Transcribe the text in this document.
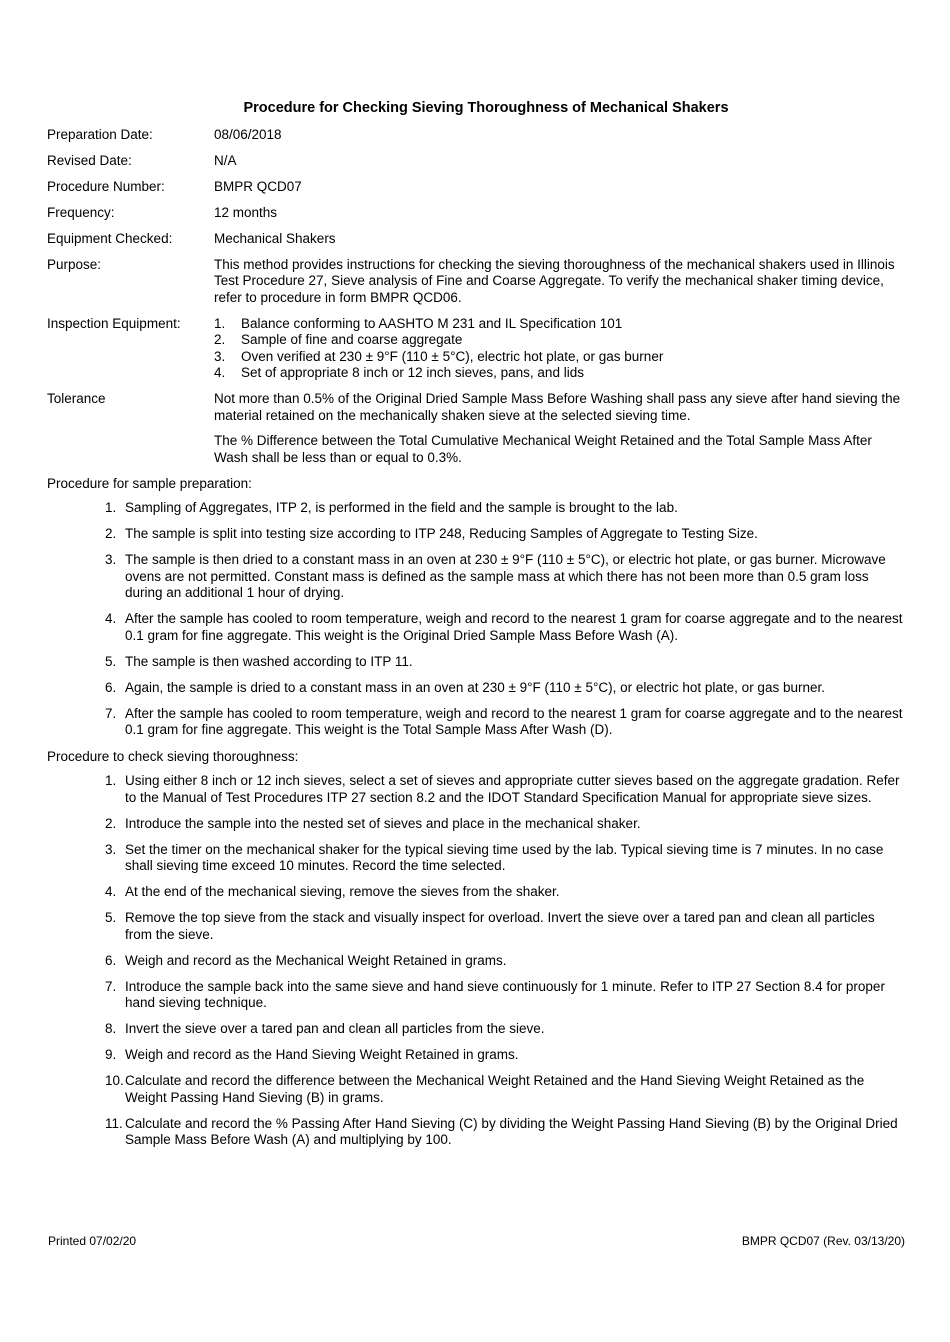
Procedure for Checking Sieving Thoroughness of Mechanical Shakers
Preparation Date:	08/06/2018
Revised Date:	N/A
Procedure Number:	BMPR QCD07
Frequency:	12 months
Equipment Checked:	Mechanical Shakers
Purpose:	This method provides instructions for checking the sieving thoroughness of the mechanical shakers used in Illinois Test Procedure 27, Sieve analysis of Fine and Coarse Aggregate. To verify the mechanical shaker timing device, refer to procedure in form BMPR QCD06.
Inspection Equipment:	1.	Balance conforming to AASHTO M 231 and IL Specification 101
2.	Sample of fine and coarse aggregate
3.	Oven verified at 230 ± 9°F (110 ± 5°C), electric hot plate, or gas burner
4.	Set of appropriate 8 inch or 12 inch sieves, pans, and lids
Tolerance	Not more than 0.5% of the Original Dried Sample Mass Before Washing shall pass any sieve after hand sieving the material retained on the mechanically shaken sieve at the selected sieving time.

The % Difference between the Total Cumulative Mechanical Weight Retained and the Total Sample Mass After Wash shall be less than or equal to 0.3%.

Procedure for sample preparation:

1. Sampling of Aggregates, ITP 2, is performed in the field and the sample is brought to the lab.
2. The sample is split into testing size according to ITP 248, Reducing Samples of Aggregate to Testing Size.
3. The sample is then dried to a constant mass in an oven at 230 ± 9°F (110 ± 5°C), or electric hot plate, or gas burner. Microwave ovens are not permitted. Constant mass is defined as the sample mass at which there has not been more than 0.5 gram loss during an additional 1 hour of drying.
4. After the sample has cooled to room temperature, weigh and record to the nearest 1 gram for coarse aggregate and to the nearest 0.1 gram for fine aggregate. This weight is the Original Dried Sample Mass Before Wash (A).
5. The sample is then washed according to ITP 11.
6. Again, the sample is dried to a constant mass in an oven at 230 ± 9°F (110 ± 5°C), or electric hot plate, or gas burner.
7. After the sample has cooled to room temperature, weigh and record to the nearest 1 gram for coarse aggregate and to the nearest 0.1 gram for fine aggregate. This weight is the Total Sample Mass After Wash (D).

Procedure to check sieving thoroughness:

1. Using either 8 inch or 12 inch sieves, select a set of sieves and appropriate cutter sieves based on the aggregate gradation. Refer to the Manual of Test Procedures ITP 27 section 8.2 and the IDOT Standard Specification Manual for appropriate sieve sizes.
2. Introduce the sample into the nested set of sieves and place in the mechanical shaker.
3. Set the timer on the mechanical shaker for the typical sieving time used by the lab. Typical sieving time is 7 minutes. In no case shall sieving time exceed 10 minutes. Record the time selected.
4. At the end of the mechanical sieving, remove the sieves from the shaker.
5. Remove the top sieve from the stack and visually inspect for overload. Invert the sieve over a tared pan and clean all particles from the sieve.
6. Weigh and record as the Mechanical Weight Retained in grams.
7. Introduce the sample back into the same sieve and hand sieve continuously for 1 minute. Refer to ITP 27 Section 8.4 for proper hand sieving technique.
8. Invert the sieve over a tared pan and clean all particles from the sieve.
9. Weigh and record as the Hand Sieving Weight Retained in grams.
10. Calculate and record the difference between the Mechanical Weight Retained and the Hand Sieving Weight Retained as the Weight Passing Hand Sieving (B) in grams.
11. Calculate and record the % Passing After Hand Sieving (C) by dividing the Weight Passing Hand Sieving (B) by the Original Dried Sample Mass Before Wash (A) and multiplying by 100.
Printed 07/02/20	BMPR QCD07 (Rev. 03/13/20)
